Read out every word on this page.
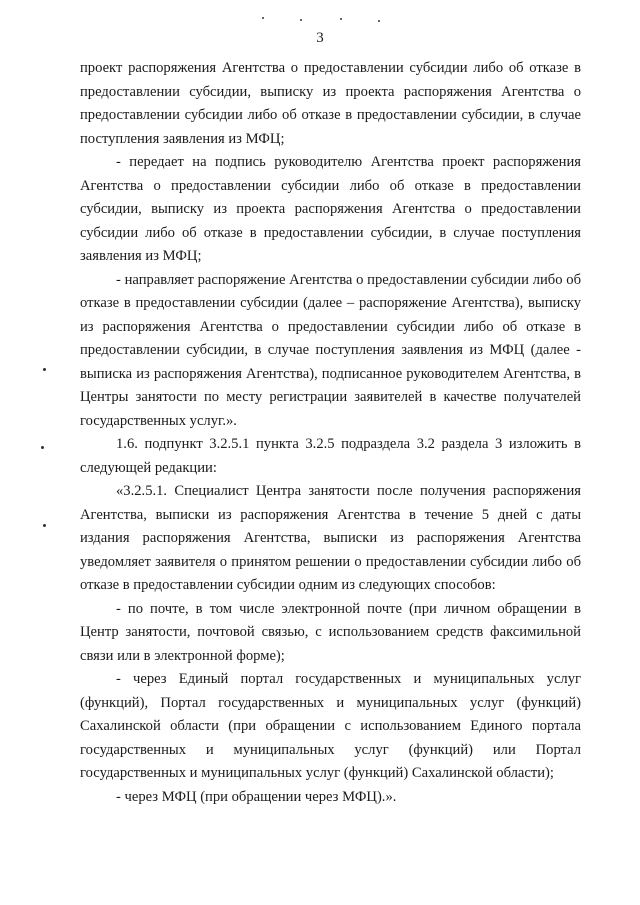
3

проект распоряжения Агентства о предоставлении субсидии либо об отказе в предоставлении субсидии, выписку из проекта распоряжения Агентства о предоставлении субсидии либо об отказе в предоставлении субсидии, в случае поступления заявления из МФЦ;

- передает на подпись руководителю Агентства проект распоряжения Агентства о предоставлении субсидии либо об отказе в предоставлении субсидии, выписку из проекта распоряжения Агентства о предоставлении субсидии либо об отказе в предоставлении субсидии, в случае поступления заявления из МФЦ;

- направляет распоряжение Агентства о предоставлении субсидии либо об отказе в предоставлении субсидии (далее – распоряжение Агентства), выписку из распоряжения Агентства о предоставлении субсидии либо об отказе в предоставлении субсидии, в случае поступления заявления из МФЦ (далее - выписка из распоряжения Агентства), подписанное руководителем Агентства, в Центры занятости по месту регистрации заявителей в качестве получателей государственных услуг.».

1.6. подпункт 3.2.5.1 пункта 3.2.5 подраздела 3.2 раздела 3 изложить в следующей редакции:

«3.2.5.1. Специалист Центра занятости после получения распоряжения Агентства, выписки из распоряжения Агентства в течение 5 дней с даты издания распоряжения Агентства, выписки из распоряжения Агентства уведомляет заявителя о принятом решении о предоставлении субсидии либо об отказе в предоставлении субсидии одним из следующих способов:

- по почте, в том числе электронной почте (при личном обращении в Центр занятости, почтовой связью, с использованием средств факсимильной связи или в электронной форме);

- через Единый портал государственных и муниципальных услуг (функций), Портал государственных и муниципальных услуг (функций) Сахалинской области (при обращении с использованием Единого портала государственных и муниципальных услуг (функций) или Портал государственных и муниципальных услуг (функций) Сахалинской области);

- через МФЦ (при обращении через МФЦ).».
